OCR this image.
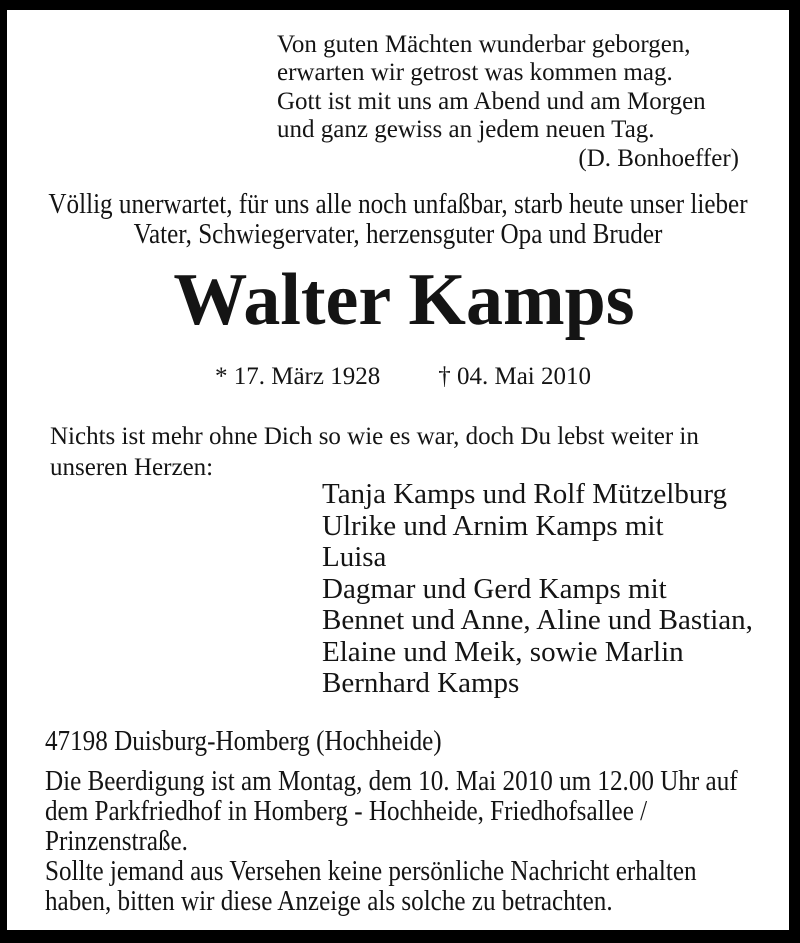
Von guten Mächten wunderbar geborgen,
erwarten wir getrost was kommen mag.
Gott ist mit uns am Abend und am Morgen
und ganz gewiss an jedem neuen Tag.
(D. Bonhoeffer)
Völlig unerwartet, für uns alle noch unfaßbar, starb heute unser lieber
Vater, Schwiegervater, herzensguter Opa und Bruder
Walter Kamps
* 17. März 1928 † 04. Mai 2010
Nichts ist mehr ohne Dich so wie es war, doch Du lebst weiter in
unseren Herzen:
Tanja Kamps und Rolf Mützelburg
Ulrike und Arnim Kamps mit
Luisa
Dagmar und Gerd Kamps mit
Bennet und Anne, Aline und Bastian,
Elaine und Meik, sowie Marlin
Bernhard Kamps
47198 Duisburg-Homberg (Hochheide)

Die Beerdigung ist am Montag, dem 10. Mai 2010 um 12.00 Uhr auf
dem Parkfriedhof in Homberg - Hochheide, Friedhofsallee /
Prinzenstraße.

Sollte jemand aus Versehen keine persönliche Nachricht erhalten
haben, bitten wir diese Anzeige als solche zu betrachten.
